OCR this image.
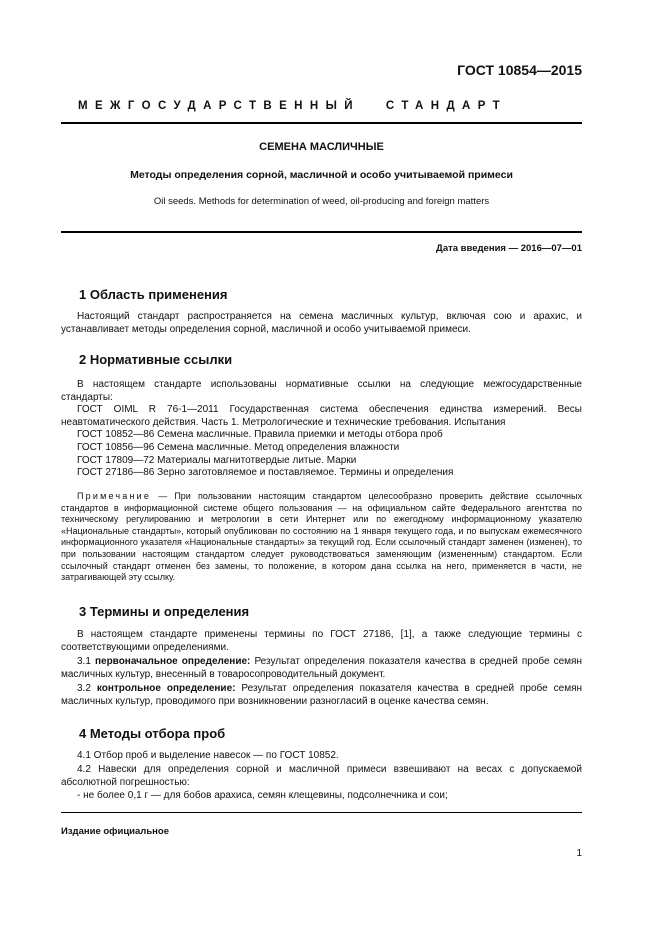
ГОСТ 10854—2015
МЕЖГОСУДАРСТВЕННЫЙ СТАНДАРТ
СЕМЕНА МАСЛИЧНЫЕ
Методы определения сорной, масличной и особо учитываемой примеси
Oil seeds. Methods for determination of weed, oil-producing and foreign matters
Дата введения — 2016—07—01
1 Область применения
Настоящий стандарт распространяется на семена масличных культур, включая сою и арахис, и устанавливает методы определения сорной, масличной и особо учитываемой примеси.
2 Нормативные ссылки
В настоящем стандарте использованы нормативные ссылки на следующие межгосударственные стандарты:
ГОСТ OIML R 76-1—2011 Государственная система обеспечения единства измерений. Весы неавтоматического действия. Часть 1. Метрологические и технические требования. Испытания
ГОСТ 10852—86 Семена масличные. Правила приемки и методы отбора проб
ГОСТ 10856—96 Семена масличные. Метод определения влажности
ГОСТ 17809—72 Материалы магнитотвердые литые. Марки
ГОСТ 27186—86 Зерно заготовляемое и поставляемое. Термины и определения
Примечание — При пользовании настоящим стандартом целесообразно проверить действие ссылочных стандартов в информационной системе общего пользования — на официальном сайте Федерального агентства по техническому регулированию и метрологии в сети Интернет или по ежегодному информационному указателю «Национальные стандарты», который опубликован по состоянию на 1 января текущего года, и по выпускам ежемесячного информационного указателя «Национальные стандарты» за текущий год. Если ссылочный стандарт заменен (изменен), то при пользовании настоящим стандартом следует руководствоваться заменяющим (измененным) стандартом. Если ссылочный стандарт отменен без замены, то положение, в котором дана ссылка на него, применяется в части, не затрагивающей эту ссылку.
3 Термины и определения
В настоящем стандарте применены термины по ГОСТ 27186, [1], а также следующие термины с соответствующими определениями.
3.1 первоначальное определение: Результат определения показателя качества в средней пробе семян масличных культур, внесенный в товаросопроводительный документ.
3.2 контрольное определение: Результат определения показателя качества в средней пробе семян масличных культур, проводимого при возникновении разногласий в оценке качества семян.
4 Методы отбора проб
4.1 Отбор проб и выделение навесок — по ГОСТ 10852.
4.2 Навески для определения сорной и масличной примеси взвешивают на весах с допускаемой абсолютной погрешностью:
- не более 0,1 г — для бобов арахиса, семян клещевины, подсолнечника и сои;
Издание официальное
1
